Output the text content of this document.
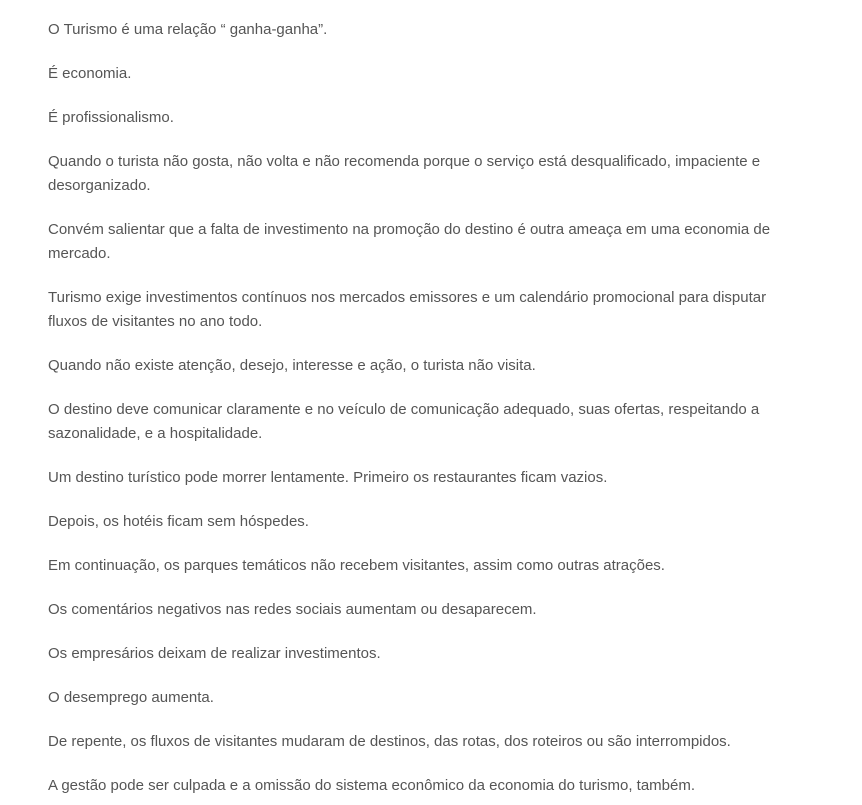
O Turismo é uma relação “ ganha-ganha”.

É economia.

É profissionalismo.

Quando o turista não gosta, não volta e não recomenda porque o serviço está desqualificado, impaciente e desorganizado.

Convém salientar que a falta de investimento na promoção do destino é outra ameaça em uma economia de mercado.

Turismo exige investimentos contínuos nos mercados emissores e um calendário promocional para disputar fluxos de visitantes no ano todo.

Quando não existe atenção, desejo, interesse e ação, o turista não visita.

O destino deve comunicar claramente e no veículo de comunicação adequado, suas ofertas, respeitando a sazonalidade, e a hospitalidade.

Um destino turístico pode morrer lentamente. Primeiro os restaurantes ficam vazios.

Depois, os hotéis ficam sem hóspedes.

Em continuação, os parques temáticos não recebem visitantes, assim como outras atrações.

Os comentários negativos nas redes sociais aumentam ou desaparecem.

Os empresários deixam de realizar investimentos.

O desemprego aumenta.

De repente, os fluxos de visitantes mudaram de destinos, das rotas, dos roteiros ou são interrompidos.

A gestão pode ser culpada e a omissão do sistema econômico da economia do turismo, também.
